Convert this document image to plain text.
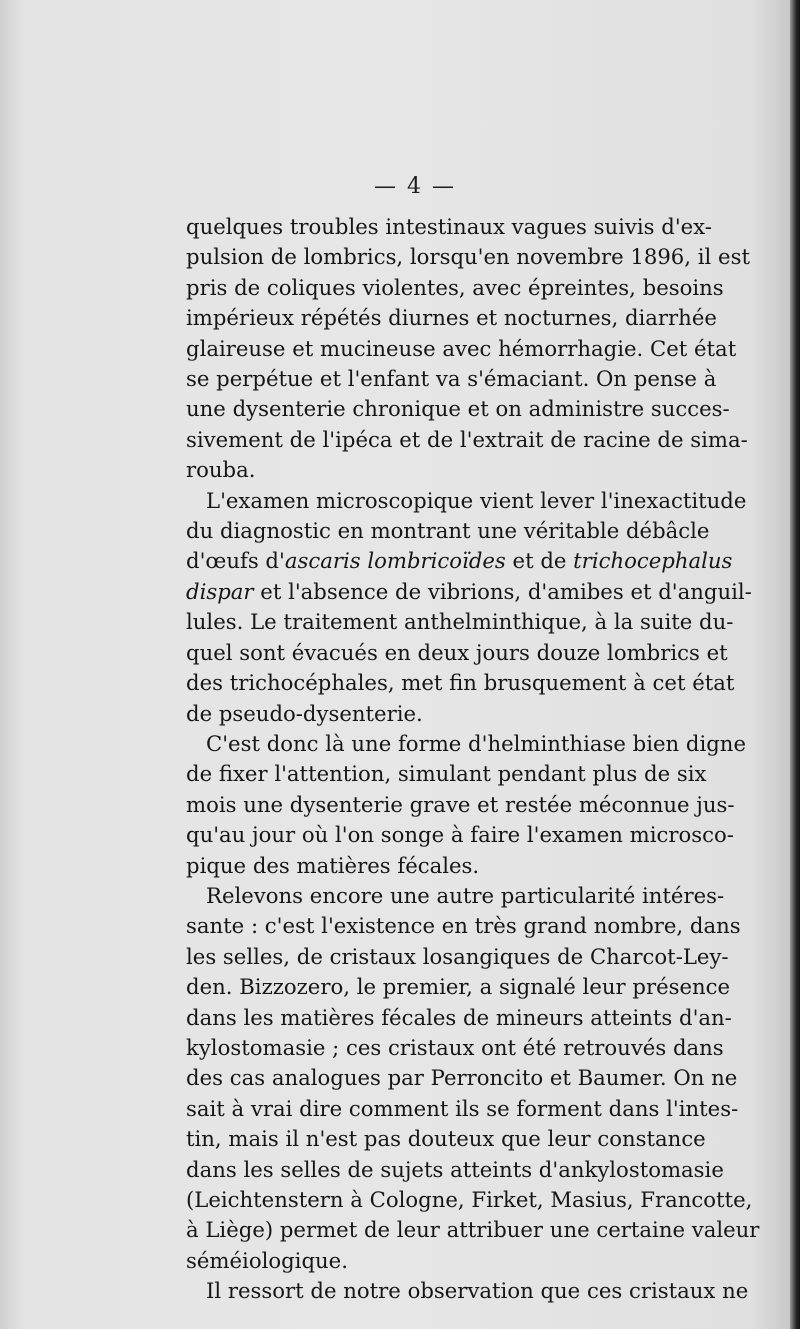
— 4 —

quelques troubles intestinaux vagues suivis d'ex-
pulsion de lombrics, lorsqu'en novembre 1896, il est
pris de coliques violentes, avec épreintes, besoins
impérieux répétés diurnes et nocturnes, diarrhée
glaireuse et mucineuse avec hémorrhagie. Cet état
se perpétue et l'enfant va s'émaciant. On pense à
une dysenterie chronique et on administre succes-
sivement de l'ipéca et de l'extrait de racine de sima-
rouba.

L'examen microscopique vient lever l'inexactitude
du diagnostic en montrant une véritable débâcle
d'œufs d'ascaris lombricoïdes et de trichocephalus
dispar et l'absence de vibrions, d'amibes et d'anguil-
lules. Le traitement anthelminthique, à la suite du-
quel sont évacués en deux jours douze lombrics et
des trichocéphales, met fin brusquement à cet état
de pseudo-dysenterie.

C'est donc là une forme d'helminthiase bien digne
de fixer l'attention, simulant pendant plus de six
mois une dysenterie grave et restée méconnue jus-
qu'au jour où l'on songe à faire l'examen microsco-
pique des matières fécales.

Relevons encore une autre particularité intéres-
sante : c'est l'existence en très grand nombre, dans
les selles, de cristaux losangiques de Charcot-Ley-
den. Bizzozero, le premier, a signalé leur présence
dans les matières fécales de mineurs atteints d'an-
kylostomasie ; ces cristaux ont été retrouvés dans
des cas analogues par Perroncito et Baumer. On ne
sait à vrai dire comment ils se forment dans l'intes-
tin, mais il n'est pas douteux que leur constance
dans les selles de sujets atteints d'ankylostomasie
(Leichtenstern à Cologne, Firket, Masius, Francotte,
à Liège) permet de leur attribuer une certaine valeur
séméiologique.

Il ressort de notre observation que ces cristaux ne
